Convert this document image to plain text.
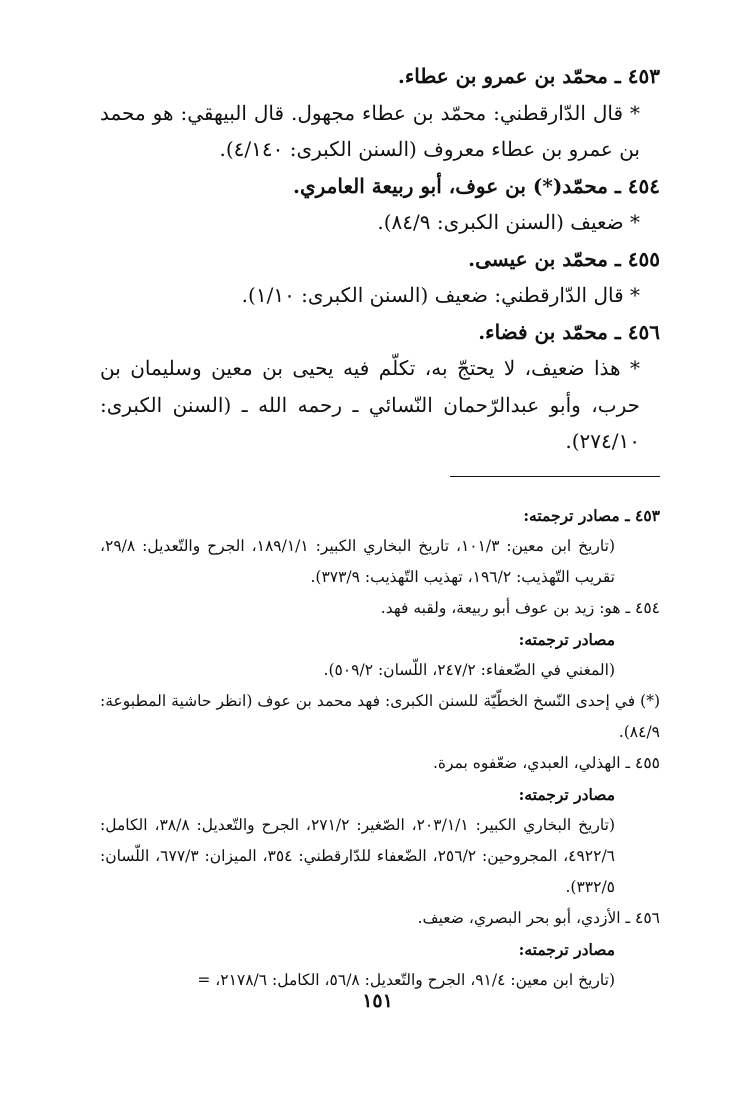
٤٥٣ ـ محمّد بن عمرو بن عطاء.

* قال الدّارقطني: محمّد بن عطاء مجهول. قال البيهقي: هو محمد بن عمرو بن عطاء معروف (السنن الكبرى: ٤/١٤٠).

٤٥٤ ـ محمّد(*) بن عوف، أبو ربيعة العامري.

* ضعيف (السنن الكبرى: ٨٤/٩).

٤٥٥ ـ محمّد بن عيسى.

* قال الدّارقطني: ضعيف (السنن الكبرى: ١/١٠).

٤٥٦ ـ محمّد بن فضاء.

* هذا ضعيف، لا يحتجّ به، تكلّم فيه يحيى بن معين وسليمان بن حرب، وأبو عبدالرّحمان النّسائي ـ رحمه الله ـ (السنن الكبرى: ٢٧٤/١٠).

٤٥٣ ـ مصادر ترجمته:

(تاريخ ابن معين: ١٠١/٣، تاريخ البخاري الكبير: ١٨٩/١/١، الجرح والتّعديل: ٢٩/٨، تقريب التّهذيب: ١٩٦/٢، تهذيب التّهذيب: ٣٧٣/٩).

٤٥٤ ـ هو: زيد بن عوف أبو ربيعة، ولقبه فهد.

مصادر ترجمته:

(المغني في الضّعفاء: ٢٤٧/٢، اللّسان: ٥٠٩/٢).

(*) في إحدى النّسخ الخطّيّة للسنن الكبرى: فهد محمد بن عوف (انظر حاشية المطبوعة: ٨٤/٩).

٤٥٥ ـ الهذلي، العبدي، ضعّفوه بمرة.

مصادر ترجمته:

(تاريخ البخاري الكبير: ٢٠٣/١/١، الصّغير: ٢٧١/٢، الجرح والتّعديل: ٣٨/٨، الكامل: ٤٩٢٢/٦، المجروحين: ٢٥٦/٢، الضّعفاء للدّارقطني: ٣٥٤، الميزان: ٦٧٧/٣، اللّسان: ٣٣٢/٥).

٤٥٦ ـ الأزدي، أبو بحر البصري، ضعيف.

مصادر ترجمته:

(تاريخ ابن معين: ٩١/٤، الجرح والتّعديل: ٥٦/٨، الكامل: ٢١٧٨/٦، =

١٥١
